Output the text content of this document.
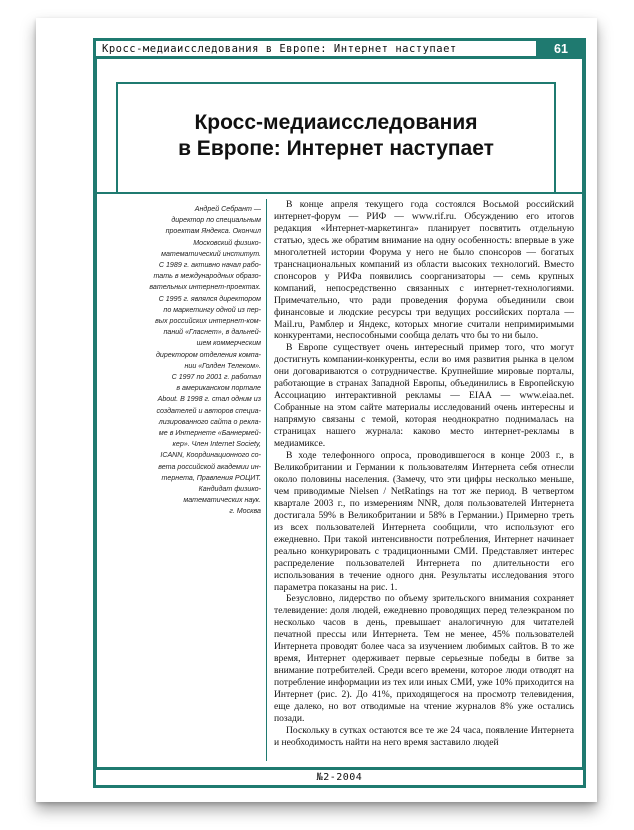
Кросс-медиаисследования в Европе: Интернет наступает	61
Кросс-медиаисследования
в Европе: Интернет наступает
Андрей Себрант —
директор по специальным
проектам Яндекса. Окончил
Московский физико-
математический институт.
С 1989 г. активно начал рабо-
тать в международных образо-
вательных интернет-проектах.
С 1995 г. являлся директором
по маркетингу одной из пер-
вых российских интернет-ком-
паний «Гласнет», в дальней-
шем коммерческим
директором отделения компа-
нии «Голден Телеком».
С 1997 по 2001 г. работал
в американском портале
About. В 1998 г. стал одним из
создателей и авторов специа-
лизированного сайта о рекла-
ме в Интернете «Баннермей-
кер». Член Internet Society,
ICANN, Координационного со-
вета российской академии ин-
тернета, Правления РОЦИТ.
Кандидат физико-
математических наук.
г. Москва

В конце апреля текущего года состоялся Восьмой российский интернет-форум — РИФ — www.rif.ru. Обсуждению его итогов редакция «Интернет-маркетинга» планирует посвятить отдельную статью, здесь же обратим внимание на одну особенность: впервые в уже многолетней истории Форума у него не было спонсоров — богатых транснациональных компаний из области высоких технологий. Вместо спонсоров у РИФа появились соорганизаторы — семь крупных компаний, непосредственно связанных с интернет-технологиями. Примечательно, что ради проведения форума объединили свои финансовые и людские ресурсы три ведущих российских портала — Mail.ru, Рамблер и Яндекс, которых многие считали непримиримыми конкурентами, неспособными сообща делать что бы то ни было.

В Европе существует очень интересный пример того, что могут достигнуть компании-конкуренты, если во имя развития рынка в целом они договариваются о сотрудничестве. Крупнейшие мировые порталы, работающие в странах Западной Европы, объединились в Европейскую Ассоциацию интерактивной рекламы — EIAA — www.eiaa.net. Собранные на этом сайте материалы исследований очень интересны и напрямую связаны с темой, которая неоднократно поднималась на страницах нашего журнала: каково место интернет-рекламы в медиамиксе.

В ходе телефонного опроса, проводившегося в конце 2003 г., в Великобритании и Германии к пользователям Интернета себя отнесли около половины населения. (Замечу, что эти цифры несколько меньше, чем приводимые Nielsen / NetRatings на тот же период. В четвертом квартале 2003 г., по измерениям NNR, доля пользователей Интернета достигала 59% в Великобритании и 58% в Германии.) Примерно треть из всех пользователей Интернета сообщили, что используют его ежедневно. При такой интенсивности потребления, Интернет начинает реально конкурировать с традиционными СМИ. Представляет интерес распределение пользователей Интернета по длительности его использования в течение одного дня. Результаты исследования этого параметра показаны на рис. 1.

Безусловно, лидерство по объему зрительского внимания сохраняет телевидение: доля людей, ежедневно проводящих перед телеэкраном по несколько часов в день, превышает аналогичную для читателей печатной прессы или Интернета. Тем не менее, 45% пользователей Интернета проводят более часа за изучением любимых сайтов. В то же время, Интернет одерживает первые серьезные победы в битве за внимание потребителей. Среди всего времени, которое люди отводят на потребление информации из тех или иных СМИ, уже 10% приходится на Интернет (рис. 2). До 41%, приходящегося на просмотр телевидения, еще далеко, но вот отводимые на чтение журналов 8% уже остались позади.

Поскольку в сутках остаются все те же 24 часа, появление Интернета и необходимость найти на него время заставило людей

№2-2004
